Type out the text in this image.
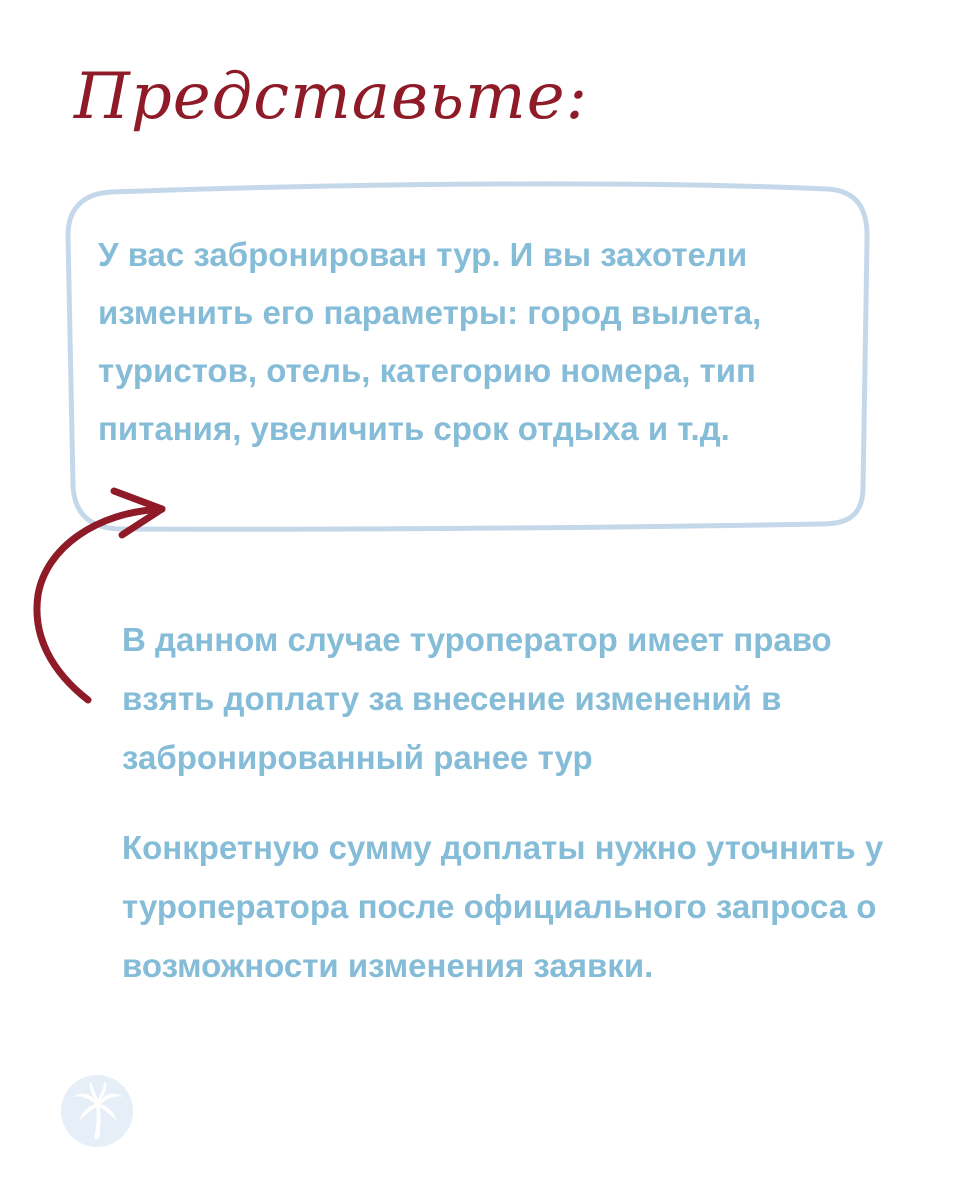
Представьте:

У вас забронирован тур. И вы захотели изменить его параметры: город вылета, туристов, отель, категорию номера, тип питания, увеличить срок отдыха и т.д.

В данном случае туроператор имеет право взять доплату за внесение изменений в забронированный ранее тур

Конкретную сумму доплаты нужно уточнить у туроператора после официального запроса о возможности изменения заявки.
